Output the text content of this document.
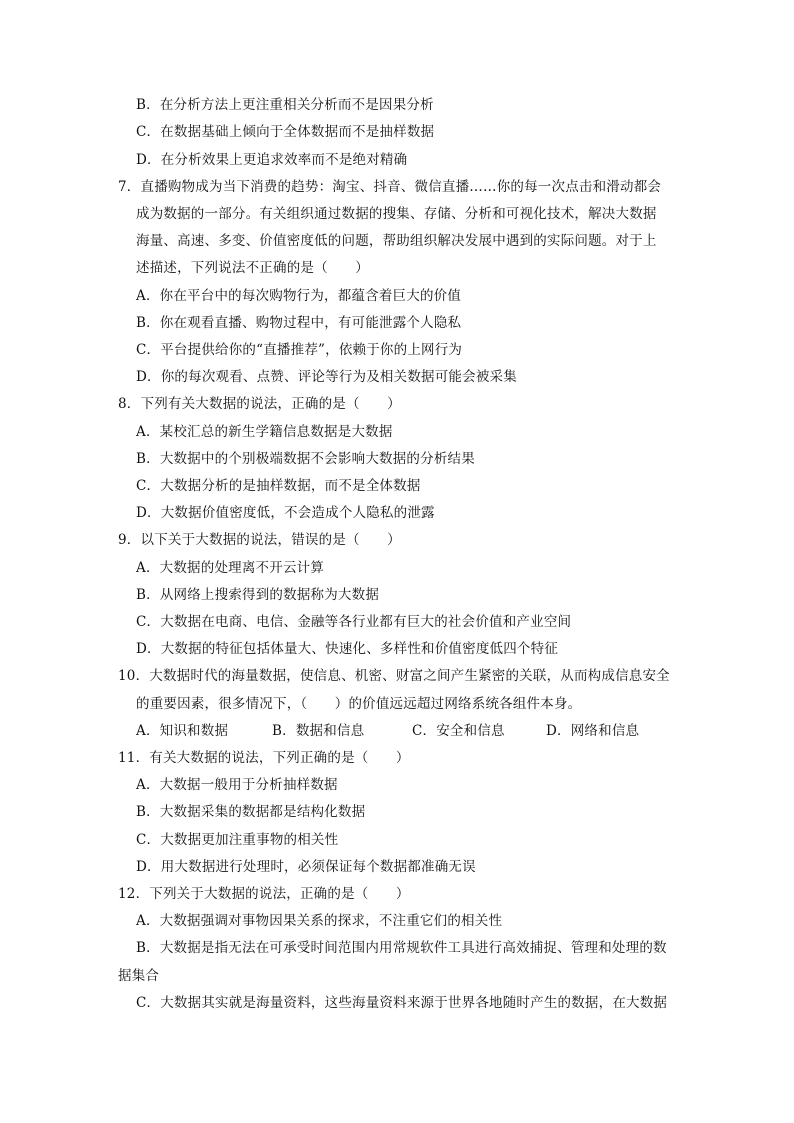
B．在分析方法上更注重相关分析而不是因果分析
C．在数据基础上倾向于全体数据而不是抽样数据
D．在分析效果上更追求效率而不是绝对精确
7．直播购物成为当下消费的趋势：淘宝、抖音、微信直播……你的每一次点击和滑动都会
成为数据的一部分。有关组织通过数据的搜集、存储、分析和可视化技术，解决大数据
海量、高速、多变、价值密度低的问题，帮助组织解决发展中遇到的实际问题。对于上
述描述，下列说法不正确的是（　　）
A．你在平台中的每次购物行为，都蕴含着巨大的价值
B．你在观看直播、购物过程中，有可能泄露个人隐私
C．平台提供给你的“直播推荐”，依赖于你的上网行为
D．你的每次观看、点赞、评论等行为及相关数据可能会被采集
8．下列有关大数据的说法，正确的是（　　）
A．某校汇总的新生学籍信息数据是大数据
B．大数据中的个别极端数据不会影响大数据的分析结果
C．大数据分析的是抽样数据，而不是全体数据
D．大数据价值密度低，不会造成个人隐私的泄露
9．以下关于大数据的说法，错误的是（　　）
A．大数据的处理离不开云计算
B．从网络上搜索得到的数据称为大数据
C．大数据在电商、电信、金融等各行业都有巨大的社会价值和产业空间
D．大数据的特征包括体量大、快速化、多样性和价值密度低四个特征
10．大数据时代的海量数据，使信息、机密、财富之间产生紧密的关联，从而构成信息安全
的重要因素，很多情况下，（　　）的价值远远超过网络系统各组件本身。
A．知识和数据	B．数据和信息	C．安全和信息	D．网络和信息
11．有关大数据的说法，下列正确的是（　　）
A．大数据一般用于分析抽样数据
B．大数据采集的数据都是结构化数据
C．大数据更加注重事物的相关性
D．用大数据进行处理时，必须保证每个数据都准确无误
12．下列关于大数据的说法，正确的是（　　）
A．大数据强调对事物因果关系的探求，不注重它们的相关性
B．大数据是指无法在可承受时间范围内用常规软件工具进行高效捕捉、管理和处理的数
据集合
C．大数据其实就是海量资料，这些海量资料来源于世界各地随时产生的数据，在大数据
